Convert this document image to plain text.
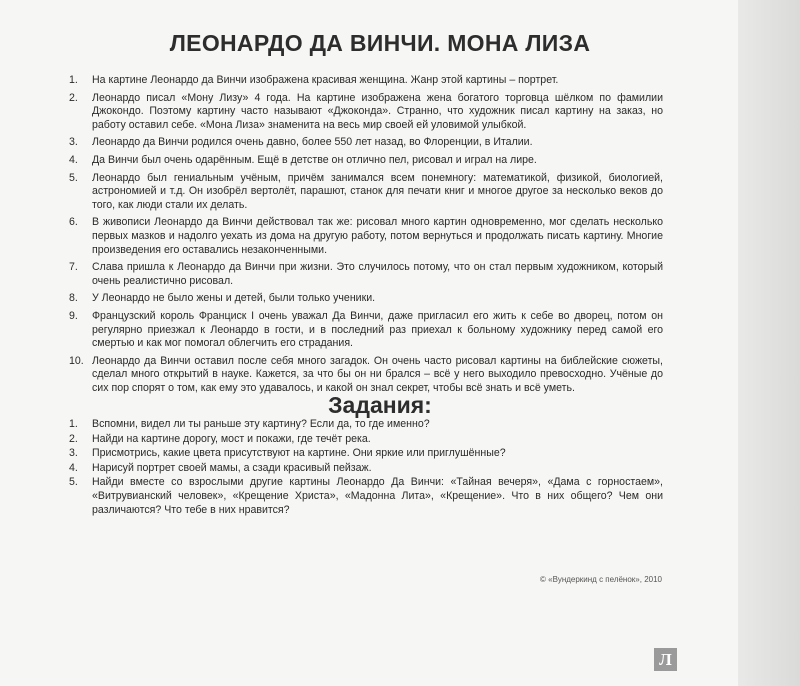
ЛЕОНАРДО ДА ВИНЧИ. МОНА ЛИЗА
1.	На картине Леонардо да Винчи изображена красивая женщина. Жанр этой картины – портрет.
2.	Леонардо писал «Мону Лизу» 4 года. На картине изображена жена богатого торговца шёлком по фамилии Джокондо. Поэтому картину часто называют «Джоконда». Странно, что художник писал картину на заказ, но работу оставил себе. «Мона Лиза» знаменита на весь мир своей ей уловимой улыбкой.
3.	Леонардо да Винчи родился очень давно, более 550 лет назад, во Флоренции, в Италии.
4.	Да Винчи был очень одарённым. Ещё в детстве он отлично пел, рисовал и играл на лире.
5.	Леонардо был гениальным учёным, причём занимался всем понемногу: математикой, физикой, биологией, астрономией и т.д. Он изобрёл вертолёт, парашют, станок для печати книг и многое другое за несколько веков до того, как люди стали их делать.
6.	В живописи Леонардо да Винчи действовал так же: рисовал много картин одновременно, мог сделать несколько первых мазков и надолго уехать из дома на другую работу, потом вернуться и продолжать писать картину. Многие произведения его оставались незаконченными.
7.	Слава пришла к Леонардо да Винчи при жизни. Это случилось потому, что он стал первым художником, который очень реалистично рисовал.
8.	У Леонардо не было жены и детей, были только ученики.
9.	Французский король Франциск I очень уважал Да Винчи, даже пригласил его жить к себе во дворец, потом он регулярно приезжал к Леонардо в гости, и в последний раз приехал к больному художнику перед самой его смертью и как мог помогал облегчить его страдания.
10. Леонардо да Винчи оставил после себя много загадок. Он очень часто рисовал картины на библейские сюжеты, сделал много открытий в науке. Кажется, за что бы он ни брался – всё у него выходило превосходно. Учёные до сих пор спорят о том, как ему это удавалось, и какой он знал секрет, чтобы всё знать и всё уметь.
Задания:
1.	Вспомни, видел ли ты раньше эту картину? Если да, то где именно?
2.	Найди на картине дорогу, мост и покажи, где течёт река.
3.	Присмотрись, какие цвета присутствуют на картине. Они яркие или приглушённые?
4.	Нарисуй портрет своей мамы, а сзади красивый пейзаж.
5.	Найди вместе со взрослыми другие картины Леонардо Да Винчи: «Тайная вечеря», «Дама с горностаем», «Витрувианский человек», «Крещение Христа», «Мадонна Лита», «Крещение». Что в них общего? Чем они различаются? Что тебе в них нравится?
© «Вундеркинд с пелёнок», 2010
Л
